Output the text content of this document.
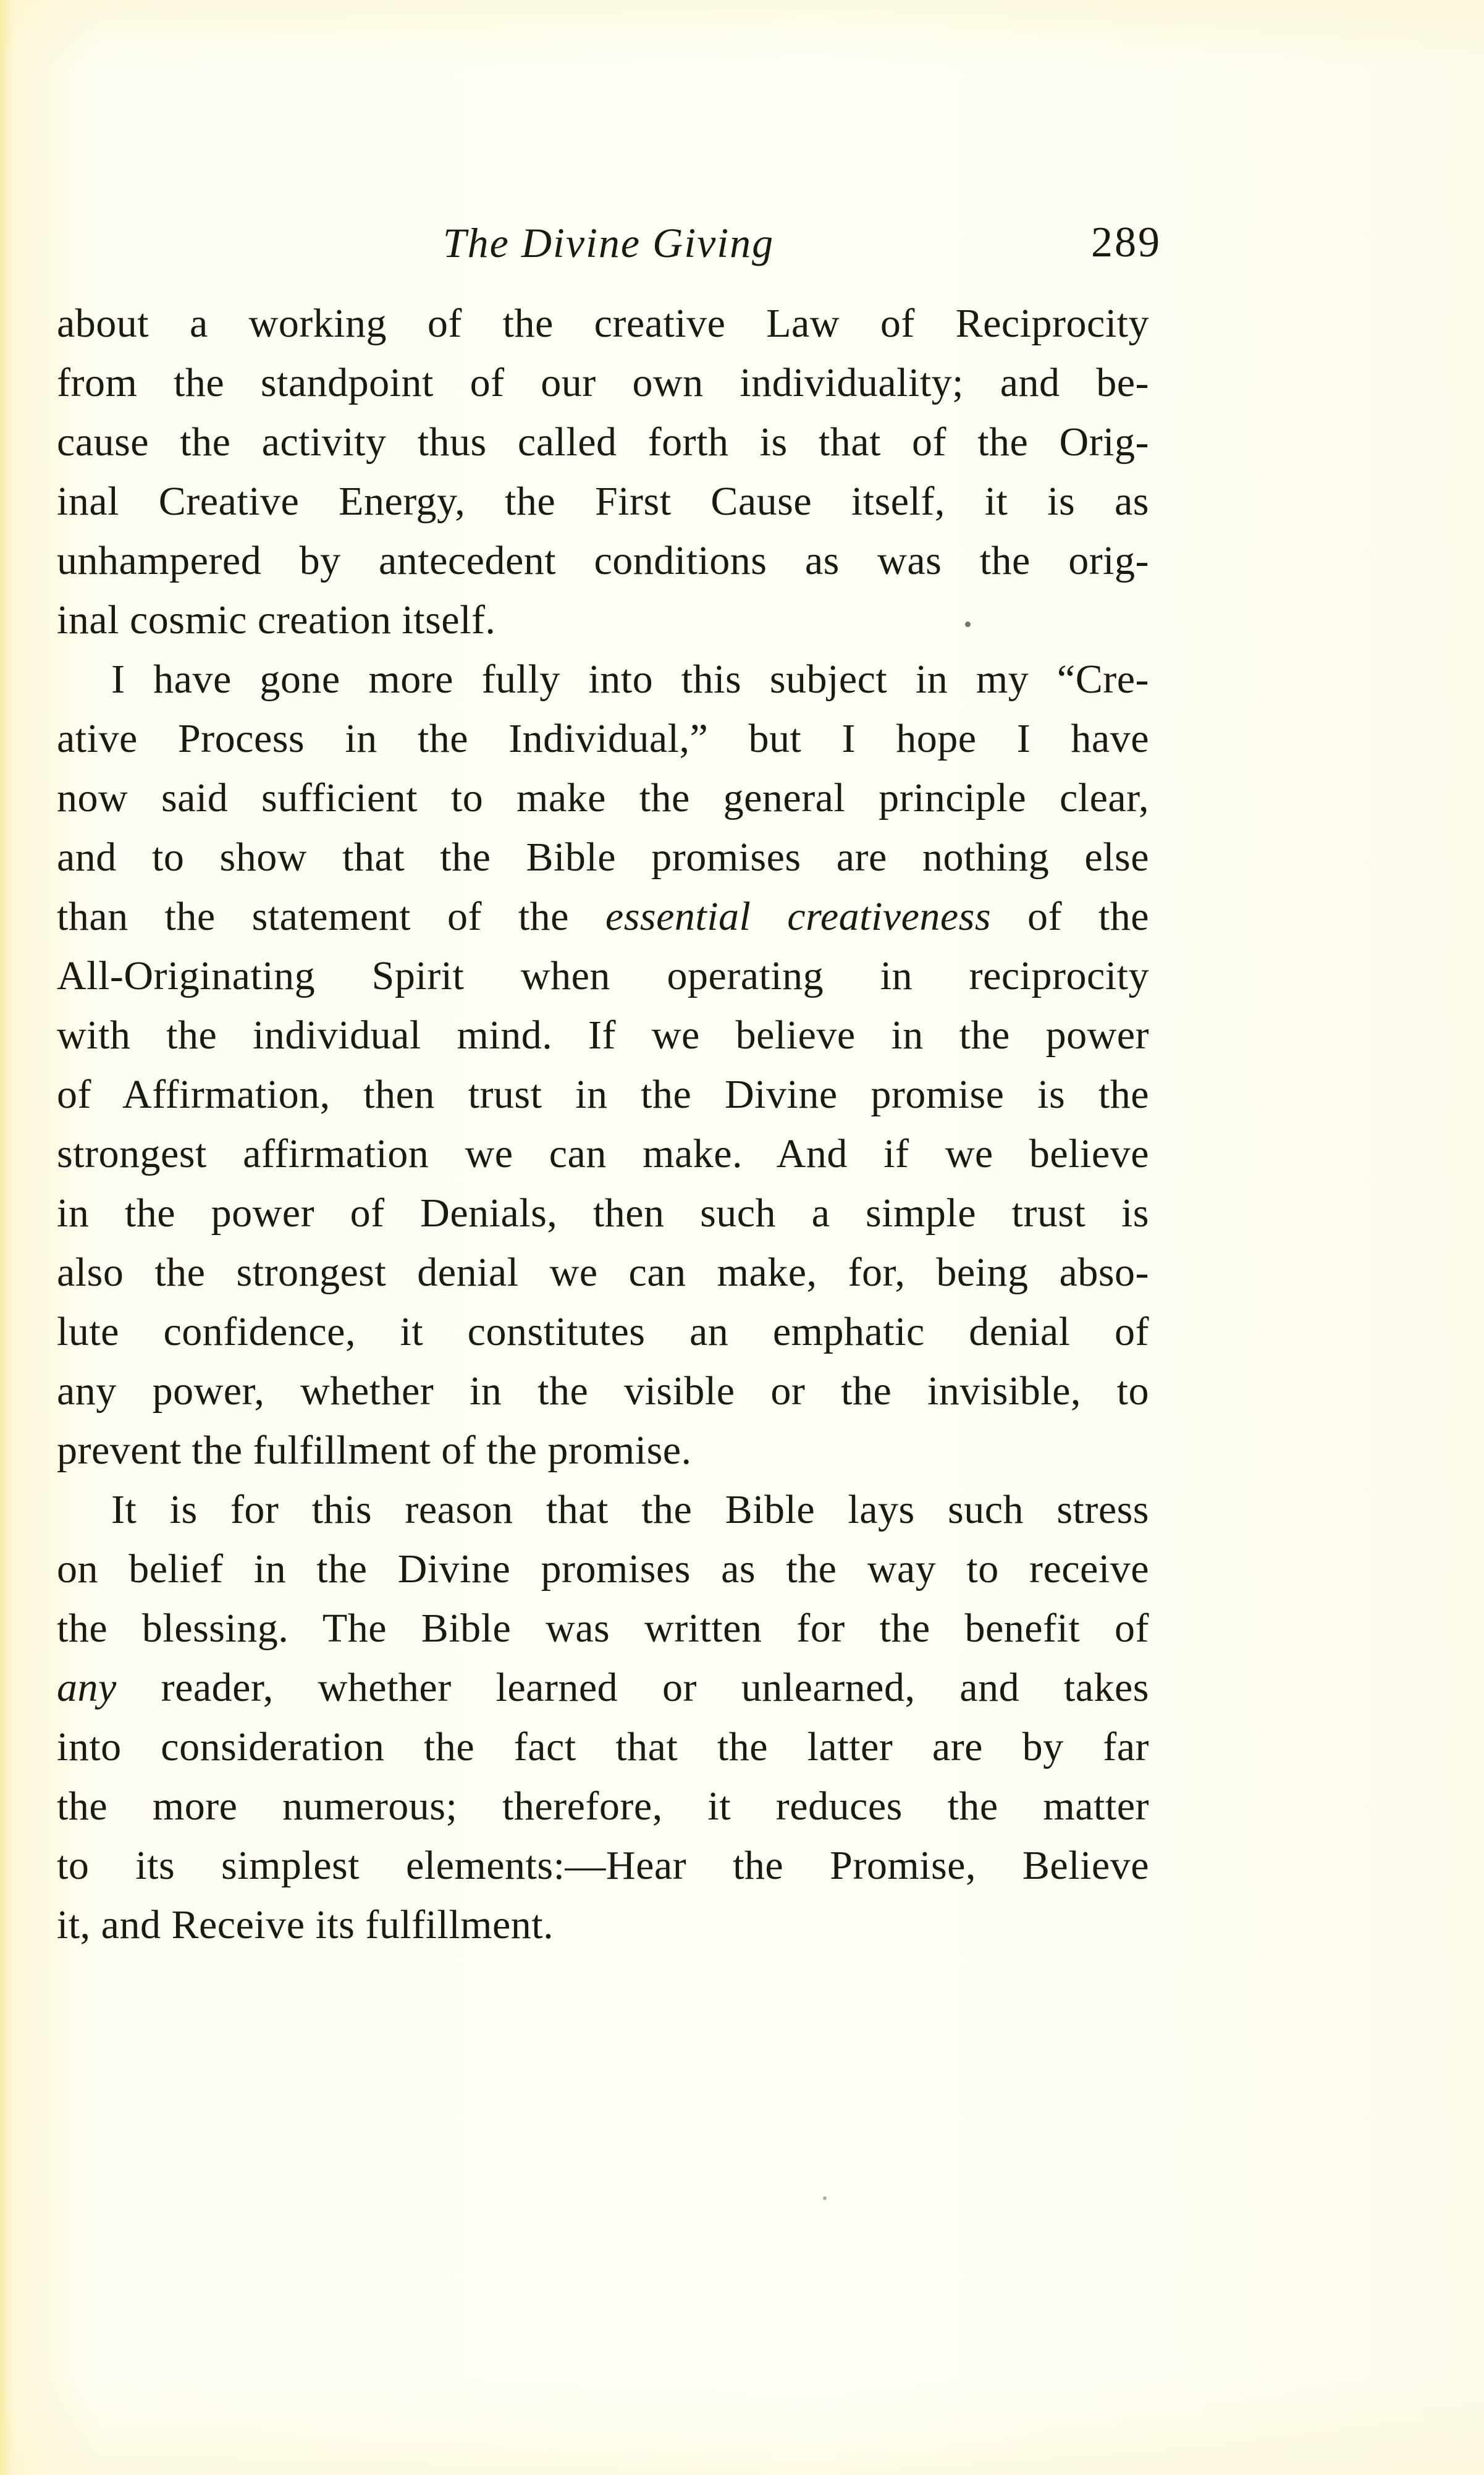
The Divine Giving	289
about a working of the creative Law of Reciprocity
from the standpoint of our own individuality; and be-
cause the activity thus called forth is that of the Orig-
inal Creative Energy, the First Cause itself, it is as
unhampered by antecedent conditions as was the orig-
inal cosmic creation itself.
I have gone more fully into this subject in my “Cre-
ative Process in the Individual,” but I hope I have
now said sufficient to make the general principle clear,
and to show that the Bible promises are nothing else
than the statement of the essential creativeness of the
All-Originating Spirit when operating in reciprocity
with the individual mind. If we believe in the power
of Affirmation, then trust in the Divine promise is the
strongest affirmation we can make. And if we believe
in the power of Denials, then such a simple trust is
also the strongest denial we can make, for, being abso-
lute confidence, it constitutes an emphatic denial of
any power, whether in the visible or the invisible, to
prevent the fulfillment of the promise.
It is for this reason that the Bible lays such stress
on belief in the Divine promises as the way to receive
the blessing. The Bible was written for the benefit of
any reader, whether learned or unlearned, and takes
into consideration the fact that the latter are by far
the more numerous; therefore, it reduces the matter
to its simplest elements:—Hear the Promise, Believe
it, and Receive its fulfillment.
